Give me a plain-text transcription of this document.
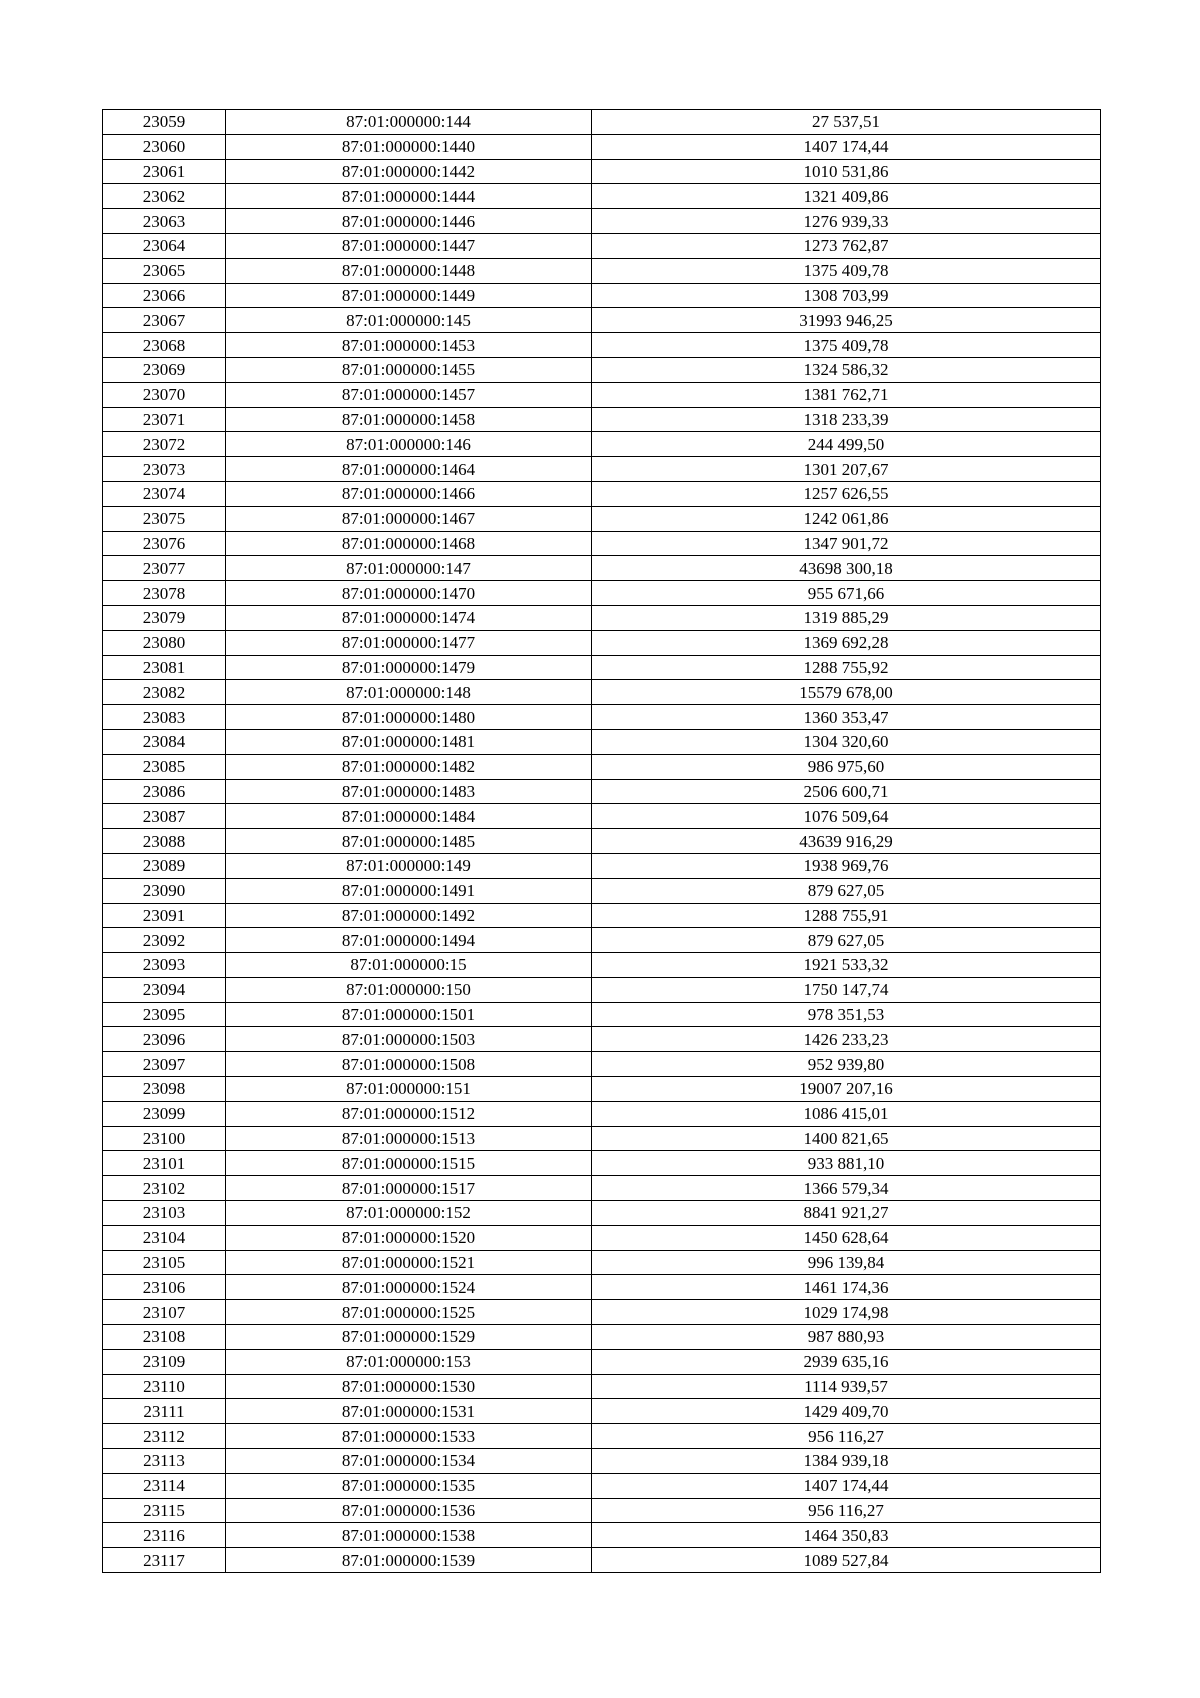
23059	87:01:000000:144	27 537,51
23060	87:01:000000:1440	1407 174,44
23061	87:01:000000:1442	1010 531,86
23062	87:01:000000:1444	1321 409,86
23063	87:01:000000:1446	1276 939,33
23064	87:01:000000:1447	1273 762,87
23065	87:01:000000:1448	1375 409,78
23066	87:01:000000:1449	1308 703,99
23067	87:01:000000:145	31993 946,25
23068	87:01:000000:1453	1375 409,78
23069	87:01:000000:1455	1324 586,32
23070	87:01:000000:1457	1381 762,71
23071	87:01:000000:1458	1318 233,39
23072	87:01:000000:146	244 499,50
23073	87:01:000000:1464	1301 207,67
23074	87:01:000000:1466	1257 626,55
23075	87:01:000000:1467	1242 061,86
23076	87:01:000000:1468	1347 901,72
23077	87:01:000000:147	43698 300,18
23078	87:01:000000:1470	955 671,66
23079	87:01:000000:1474	1319 885,29
23080	87:01:000000:1477	1369 692,28
23081	87:01:000000:1479	1288 755,92
23082	87:01:000000:148	15579 678,00
23083	87:01:000000:1480	1360 353,47
23084	87:01:000000:1481	1304 320,60
23085	87:01:000000:1482	986 975,60
23086	87:01:000000:1483	2506 600,71
23087	87:01:000000:1484	1076 509,64
23088	87:01:000000:1485	43639 916,29
23089	87:01:000000:149	1938 969,76
23090	87:01:000000:1491	879 627,05
23091	87:01:000000:1492	1288 755,91
23092	87:01:000000:1494	879 627,05
23093	87:01:000000:15	1921 533,32
23094	87:01:000000:150	1750 147,74
23095	87:01:000000:1501	978 351,53
23096	87:01:000000:1503	1426 233,23
23097	87:01:000000:1508	952 939,80
23098	87:01:000000:151	19007 207,16
23099	87:01:000000:1512	1086 415,01
23100	87:01:000000:1513	1400 821,65
23101	87:01:000000:1515	933 881,10
23102	87:01:000000:1517	1366 579,34
23103	87:01:000000:152	8841 921,27
23104	87:01:000000:1520	1450 628,64
23105	87:01:000000:1521	996 139,84
23106	87:01:000000:1524	1461 174,36
23107	87:01:000000:1525	1029 174,98
23108	87:01:000000:1529	987 880,93
23109	87:01:000000:153	2939 635,16
23110	87:01:000000:1530	1114 939,57
23111	87:01:000000:1531	1429 409,70
23112	87:01:000000:1533	956 116,27
23113	87:01:000000:1534	1384 939,18
23114	87:01:000000:1535	1407 174,44
23115	87:01:000000:1536	956 116,27
23116	87:01:000000:1538	1464 350,83
23117	87:01:000000:1539	1089 527,84
